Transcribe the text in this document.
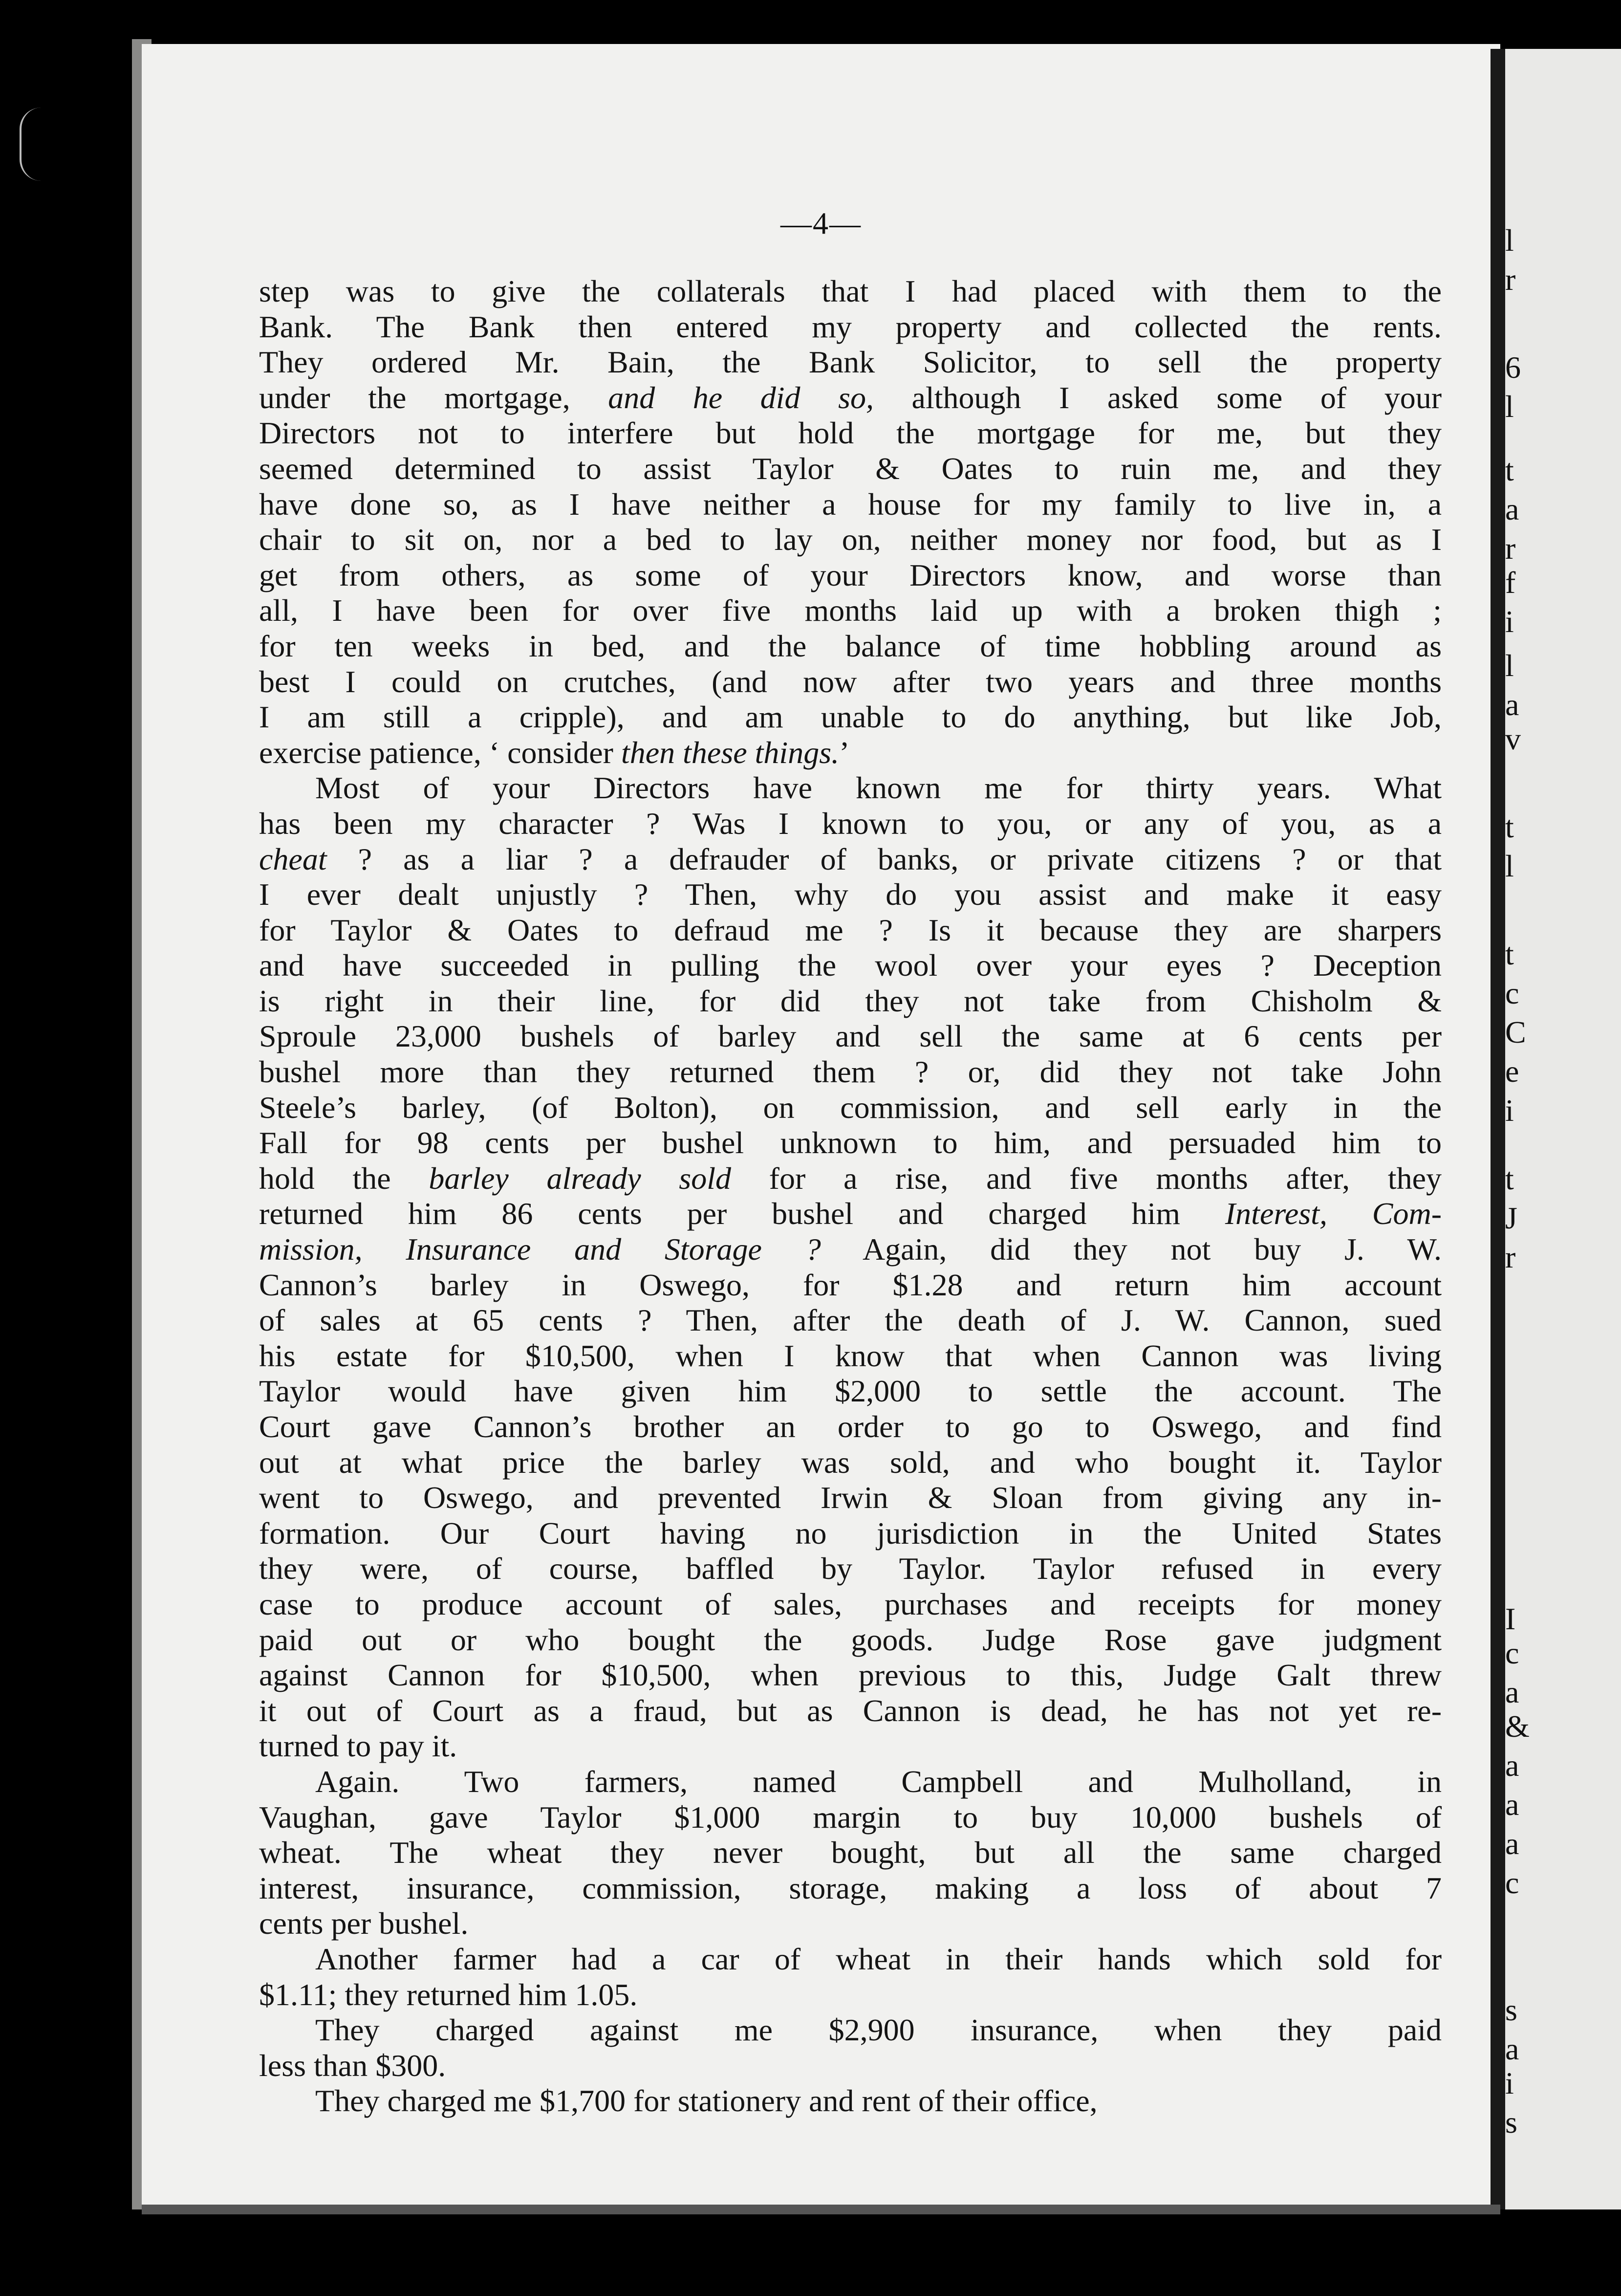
—4—
step was to give the collaterals that I had placed with them to the
Bank. The Bank then entered my property and collected the rents.
They ordered Mr. Bain, the Bank Solicitor, to sell the property
under the mortgage, and he did so, although I asked some of your
Directors not to interfere but hold the mortgage for me, but they
seemed determined to assist Taylor & Oates to ruin me, and they
have done so, as I have neither a house for my family to live in, a
chair to sit on, nor a bed to lay on, neither money nor food, but as I
get from others, as some of your Directors know, and worse than
all, I have been for over five months laid up with a broken thigh ;
for ten weeks in bed, and the balance of time hobbling around as
best I could on crutches, (and now after two years and three months
I am still a cripple), and am unable to do anything, but like Job,
exercise patience, ‘ consider then these things.’
Most of your Directors have known me for thirty years. What
has been my character ? Was I known to you, or any of you, as a
cheat ? as a liar ? a defrauder of banks, or private citizens ? or that
I ever dealt unjustly ? Then, why do you assist and make it easy
for Taylor & Oates to defraud me ? Is it because they are sharpers
and have succeeded in pulling the wool over your eyes ? Deception
is right in their line, for did they not take from Chisholm &
Sproule 23,000 bushels of barley and sell the same at 6 cents per
bushel more than they returned them ? or, did they not take John
Steele’s barley, (of Bolton), on commission, and sell early in the
Fall for 98 cents per bushel unknown to him, and persuaded him to
hold the barley already sold for a rise, and five months after, they
returned him 86 cents per bushel and charged him Interest, Com-
mission, Insurance and Storage ? Again, did they not buy J. W.
Cannon’s barley in Oswego, for $1.28 and return him account
of sales at 65 cents ? Then, after the death of J. W. Cannon, sued
his estate for $10,500, when I know that when Cannon was living
Taylor would have given him $2,000 to settle the account. The
Court gave Cannon’s brother an order to go to Oswego, and find
out at what price the barley was sold, and who bought it. Taylor
went to Oswego, and prevented Irwin & Sloan from giving any in-
formation. Our Court having no jurisdiction in the United States
they were, of course, baffled by Taylor. Taylor refused in every
case to produce account of sales, purchases and receipts for money
paid out or who bought the goods. Judge Rose gave judgment
against Cannon for $10,500, when previous to this, Judge Galt threw
it out of Court as a fraud, but as Cannon is dead, he has not yet re-
turned to pay it.
Again. Two farmers, named Campbell and Mulholland, in
Vaughan, gave Taylor $1,000 margin to buy 10,000 bushels of
wheat. The wheat they never bought, but all the same charged
interest, insurance, commission, storage, making a loss of about 7
cents per bushel.
Another farmer had a car of wheat in their hands which sold for
$1.11; they returned him 1.05.
They charged against me $2,900 insurance, when they paid
less than $300.
They charged me $1,700 for stationery and rent of their office,
l
r
6
l
t
a
r
f
i
l
a
v
t
l
t
c
C
e
i
t
J
r
I
c
a
&
a
a
a
c
s
a
i
s
